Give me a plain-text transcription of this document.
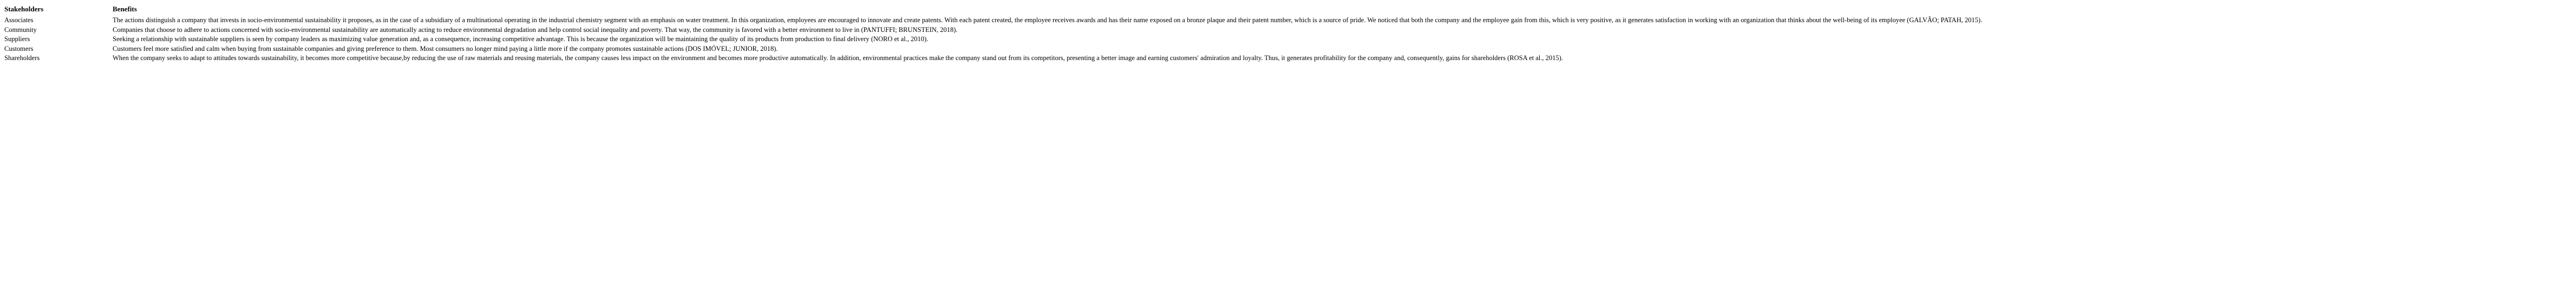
Stakeholders	Benefits
Associates	The actions distinguish a company that invests in socio-environmental sustainability it proposes, as in the case of a subsidiary of a multinational operating in the industrial chemistry segment with an emphasis on water treatment. In this organization, employees are encouraged to innovate and create patents. With each patent created, the employee receives awards and has their name exposed on a bronze plaque and their patent number, which is a source of pride. We noticed that both the company and the employee gain from this, which is very positive, as it generates satisfaction in working with an organization that thinks about the well-being of its employee (GALVÃO; PATAH, 2015).
Community	Companies that choose to adhere to actions concerned with socio-environmental sustainability are automatically acting to reduce environmental degradation and help control social inequality and poverty. That way, the community is favored with a better environment to live in (PANTUFFI; BRUNSTEIN, 2018).
Suppliers	Seeking a relationship with sustainable suppliers is seen by company leaders as maximizing value generation and, as a consequence, increasing competitive advantage. This is because the organization will be maintaining the quality of its products from production to final delivery (NORO et al., 2010).
Customers	Customers feel more satisfied and calm when buying from sustainable companies and giving preference to them. Most consumers no longer mind paying a little more if the company promotes sustainable actions (DOS IMÓVEL; JUNIOR, 2018).
Shareholders	When the company seeks to adapt to attitudes towards sustainability, it becomes more competitive because,by reducing the use of raw materials and reusing materials, the company causes less impact on the environment and becomes more productive automatically. In addition, environmental practices make the company stand out from its competitors, presenting a better image and earning customers' admiration and loyalty. Thus, it generates profitability for the company and, consequently, gains for shareholders (ROSA et al., 2015).
